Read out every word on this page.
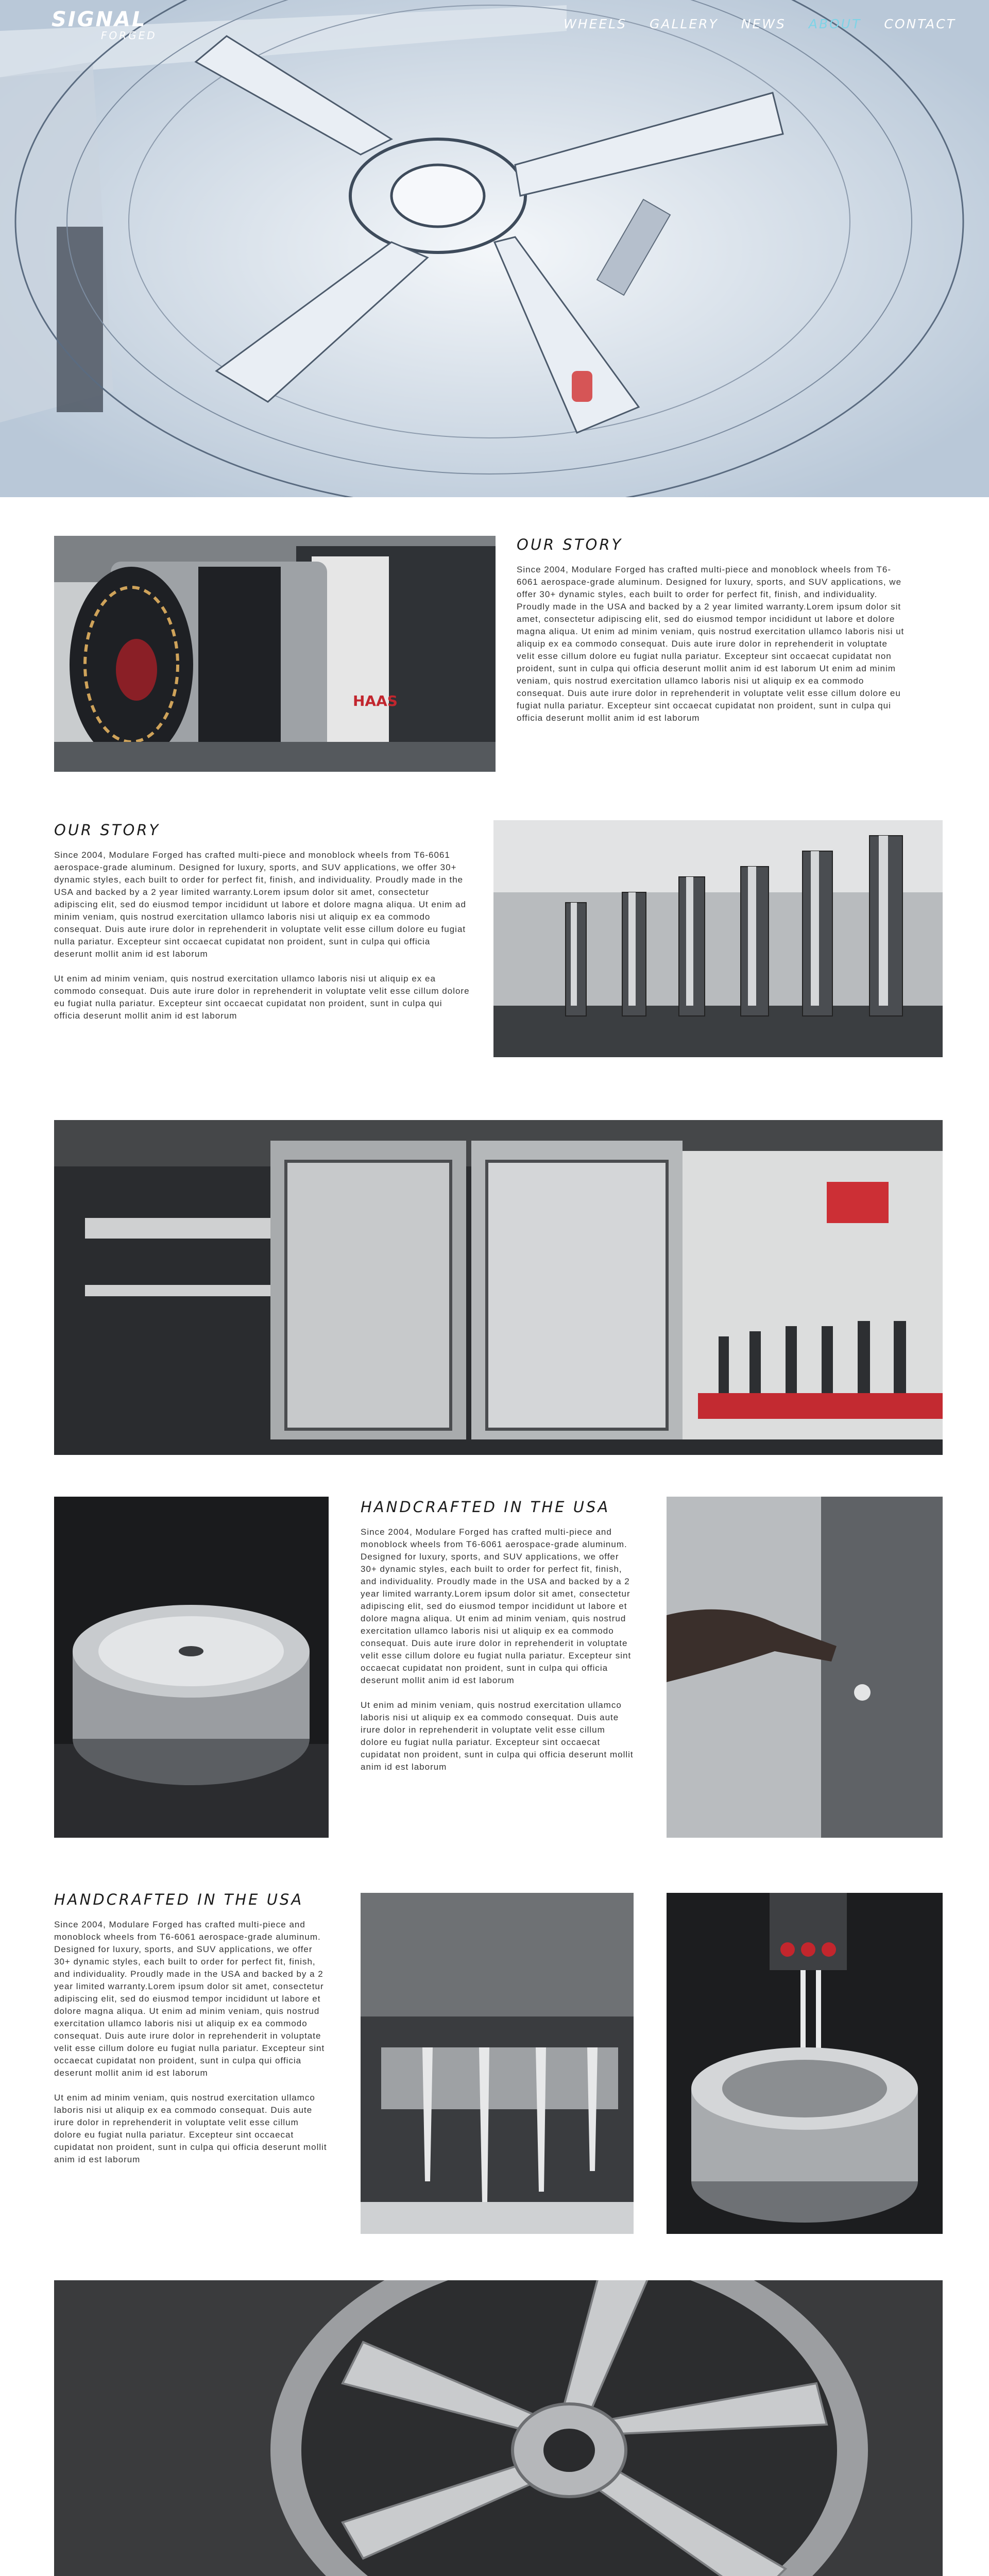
SIGNAL
FORGED
WHEELS GALLERY NEWS ABOUT CONTACT
HAAS
OUR STORY

Since 2004, Modulare Forged has crafted multi-piece and monoblock wheels from T6-6061 aerospace-grade aluminum. Designed for luxury, sports, and SUV applications, we offer 30+ dynamic styles, each built to order for perfect fit, finish, and individuality. Proudly made in the USA and backed by a 2 year limited warranty.Lorem ipsum dolor sit amet, consectetur adipiscing elit, sed do eiusmod tempor incididunt ut labore et dolore magna aliqua. Ut enim ad minim veniam, quis nostrud exercitation ullamco laboris nisi ut aliquip ex ea commodo consequat. Duis aute irure dolor in reprehenderit in voluptate velit esse cillum dolore eu fugiat nulla pariatur. Excepteur sint occaecat cupidatat non proident, sunt in culpa qui officia deserunt mollit anim id est laborum Ut enim ad minim veniam, quis nostrud exercitation ullamco laboris nisi ut aliquip ex ea commodo consequat. Duis aute irure dolor in reprehenderit in voluptate velit esse cillum dolore eu fugiat nulla pariatur. Excepteur sint occaecat cupidatat non proident, sunt in culpa qui officia deserunt mollit anim id est laborum

OUR STORY

Since 2004, Modulare Forged has crafted multi-piece and monoblock wheels from T6-6061 aerospace-grade aluminum. Designed for luxury, sports, and SUV applications, we offer 30+ dynamic styles, each built to order for perfect fit, finish, and individuality. Proudly made in the USA and backed by a 2 year limited warranty.Lorem ipsum dolor sit amet, consectetur adipiscing elit, sed do eiusmod tempor incididunt ut labore et dolore magna aliqua. Ut enim ad minim veniam, quis nostrud exercitation ullamco laboris nisi ut aliquip ex ea commodo consequat. Duis aute irure dolor in reprehenderit in voluptate velit esse cillum dolore eu fugiat nulla pariatur. Excepteur sint occaecat cupidatat non proident, sunt in culpa qui officia deserunt mollit anim id est laborum

Ut enim ad minim veniam, quis nostrud exercitation ullamco laboris nisi ut aliquip ex ea commodo consequat. Duis aute irure dolor in reprehenderit in voluptate velit esse cillum dolore eu fugiat nulla pariatur. Excepteur sint occaecat cupidatat non proident, sunt in culpa qui officia deserunt mollit anim id est laborum

HANDCRAFTED IN THE USA

Since 2004, Modulare Forged has crafted multi-piece and monoblock wheels from T6-6061 aerospace-grade aluminum. Designed for luxury, sports, and SUV applications, we offer 30+ dynamic styles, each built to order for perfect fit, finish, and individuality. Proudly made in the USA and backed by a 2 year limited warranty.Lorem ipsum dolor sit amet, consectetur adipiscing elit, sed do eiusmod tempor incididunt ut labore et dolore magna aliqua. Ut enim ad minim veniam, quis nostrud exercitation ullamco laboris nisi ut aliquip ex ea commodo consequat. Duis aute irure dolor in reprehenderit in voluptate velit esse cillum dolore eu fugiat nulla pariatur. Excepteur sint occaecat cupidatat non proident, sunt in culpa qui officia deserunt mollit anim id est laborum

Ut enim ad minim veniam, quis nostrud exercitation ullamco laboris nisi ut aliquip ex ea commodo consequat. Duis aute irure dolor in reprehenderit in voluptate velit esse cillum dolore eu fugiat nulla pariatur. Excepteur sint occaecat cupidatat non proident, sunt in culpa qui officia deserunt mollit anim id est laborum

HANDCRAFTED IN THE USA

Since 2004, Modulare Forged has crafted multi-piece and monoblock wheels from T6-6061 aerospace-grade aluminum. Designed for luxury, sports, and SUV applications, we offer 30+ dynamic styles, each built to order for perfect fit, finish, and individuality. Proudly made in the USA and backed by a 2 year limited warranty.Lorem ipsum dolor sit amet, consectetur adipiscing elit, sed do eiusmod tempor incididunt ut labore et dolore magna aliqua. Ut enim ad minim veniam, quis nostrud exercitation ullamco laboris nisi ut aliquip ex ea commodo consequat. Duis aute irure dolor in reprehenderit in voluptate velit esse cillum dolore eu fugiat nulla pariatur. Excepteur sint occaecat cupidatat non proident, sunt in culpa qui officia deserunt mollit anim id est laborum

Ut enim ad minim veniam, quis nostrud exercitation ullamco laboris nisi ut aliquip ex ea commodo consequat. Duis aute irure dolor in reprehenderit in voluptate velit esse cillum dolore eu fugiat nulla pariatur. Excepteur sint occaecat cupidatat non proident, sunt in culpa qui officia deserunt mollit anim id est laborum
